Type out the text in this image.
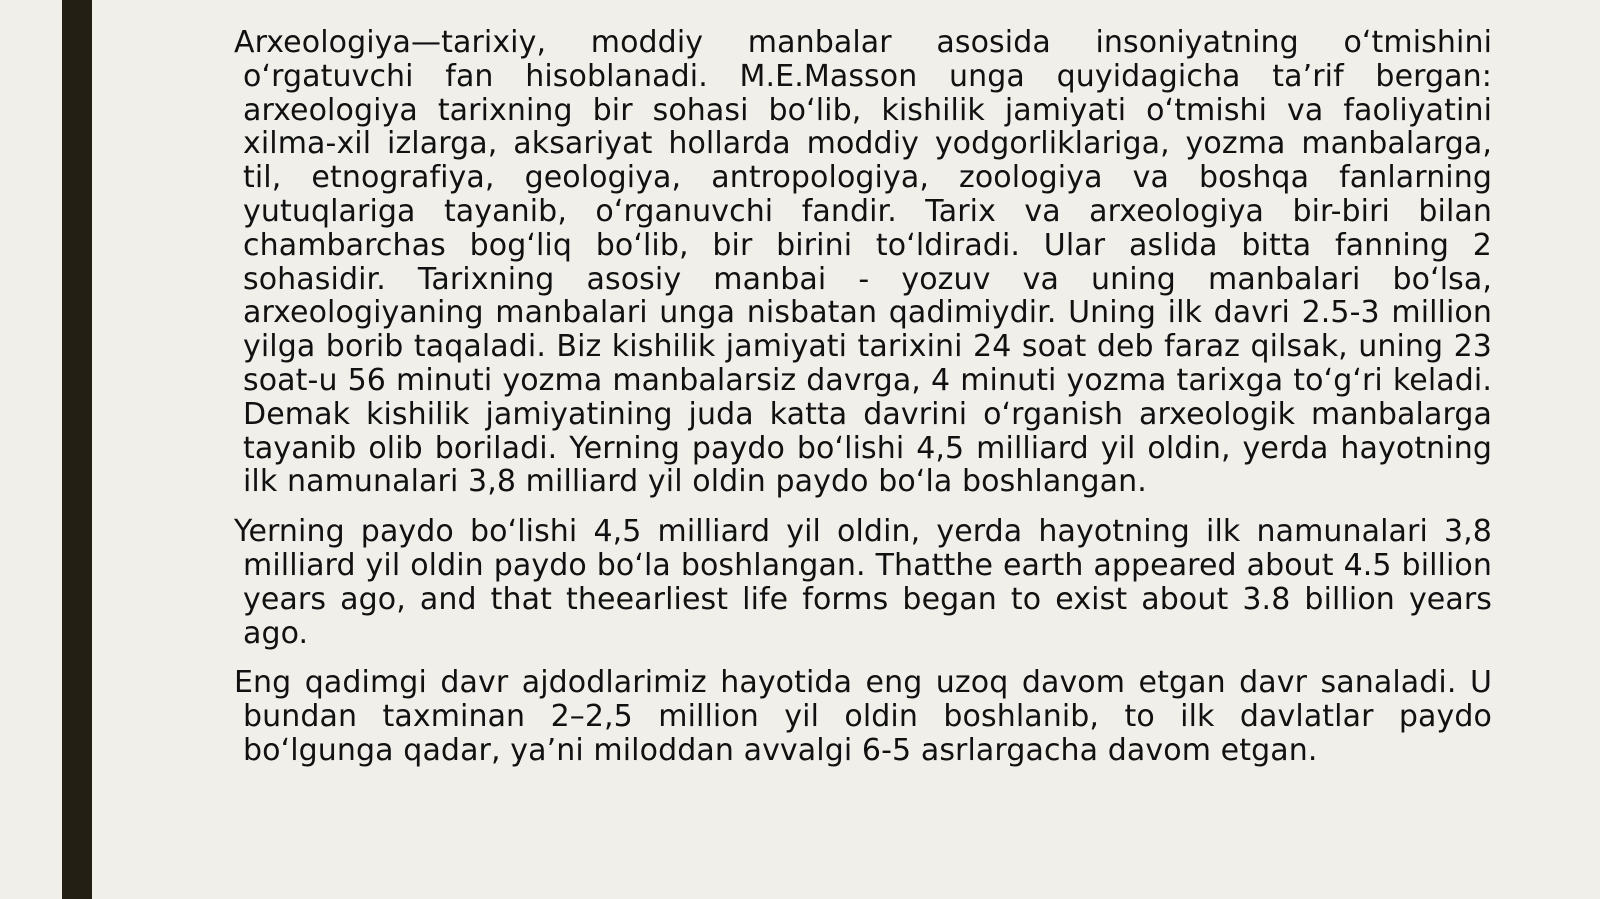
Arxeologiya—tarixiy, moddiy manbalar asosida insoniyatning oʻtmishini oʻrgatuvchi fan hisoblanadi. M.E.Masson unga quyidagicha taʼrif bergan: arxeologiya tarixning bir sohasi boʻlib, kishilik jamiyati oʻtmishi va faoliyatini xilma-xil izlarga, aksariyat hollarda moddiy yodgorliklariga, yozma manbalarga, til, etnografiya, geologiya, antropologiya, zoologiya va boshqa fanlarning yutuqlariga tayanib, oʻrganuvchi fandir. Tarix va arxeologiya bir-biri bilan chambarchas bogʻliq boʻlib, bir birini toʻldiradi. Ular aslida bitta fanning 2 sohasidir. Tarixning asosiy manbai - yozuv va uning manbalari boʻlsa, arxeologiyaning manbalari unga nisbatan qadimiydir. Uning ilk davri 2.5-3 million yilga borib taqaladi. Biz kishilik jamiyati tarixini 24 soat deb faraz qilsak, uning 23 soat-u 56 minuti yozma manbalarsiz davrga, 4 minuti yozma tarixga toʻgʻri keladi. Demak kishilik jamiyatining juda katta davrini oʻrganish arxeologik manbalarga tayanib olib boriladi. Yerning paydo boʻlishi 4,5 milliard yil oldin, yerda hayotning ilk namunalari 3,8 milliard yil oldin paydo boʻla boshlangan.

Yerning paydo boʻlishi 4,5 milliard yil oldin, yerda hayotning ilk namunalari 3,8 milliard yil oldin paydo boʻla boshlangan. Thatthe earth appeared about 4.5 billion years ago, and that theearliest life forms began to exist about 3.8 billion years ago.

Eng qadimgi davr ajdodlarimiz hayotida eng uzoq davom etgan davr sanaladi. U bundan taxminan 2–2,5 million yil oldin boshlanib, to ilk davlatlar paydo boʻlgunga qadar, yaʼni miloddan avvalgi 6-5 asrlargacha davom etgan.
